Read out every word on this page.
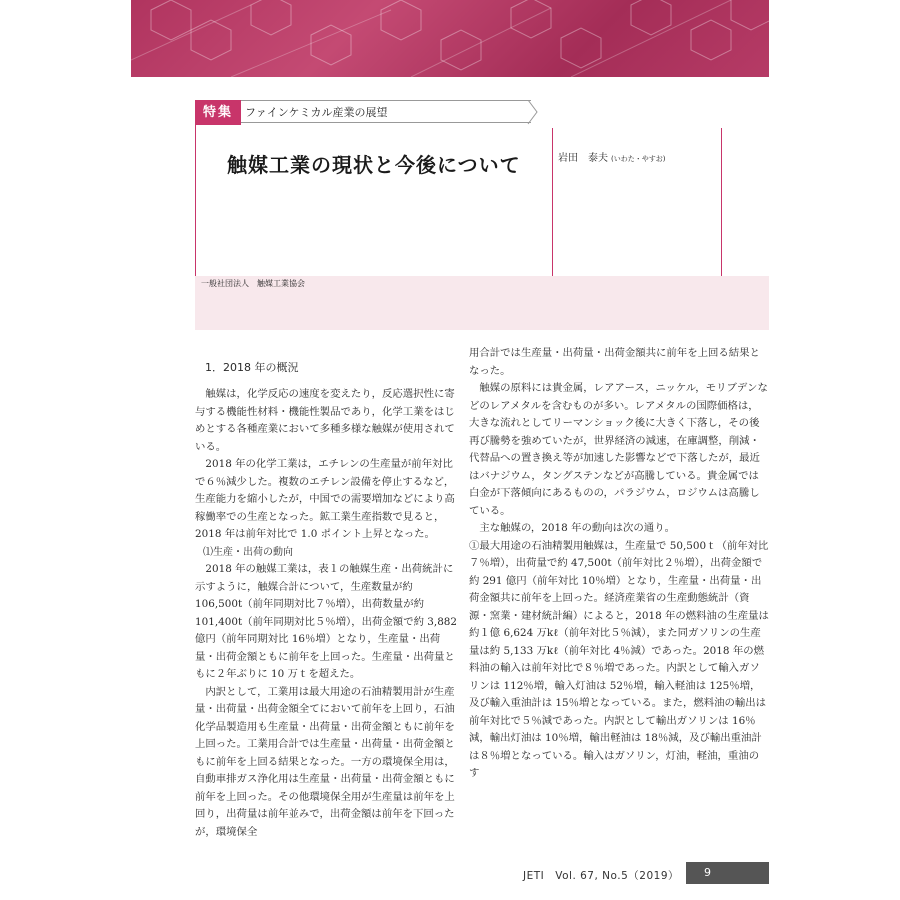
特集	ファインケミカル産業の展望
触媒工業の現状と今後について	岩田　泰夫 (いわた・やすお)
一般社団法人　触媒工業協会

1．2018 年の概況

　触媒は，化学反応の速度を変えたり，反応選択性に寄与する機能性材料・機能性製品であり，化学工業をはじめとする各種産業において多種多様な触媒が使用されている。

　2018 年の化学工業は，エチレンの生産量が前年対比で６％減少した。複数のエチレン設備を停止するなど，生産能力を縮小したが，中国での需要増加などにより高稼働率での生産となった。鉱工業生産指数で見ると，2018 年は前年対比で 1.0 ポイント上昇となった。

⑴生産・出荷の動向

　2018 年の触媒工業は，表１の触媒生産・出荷統計に示すように，触媒合計について，生産数量が約 106,500t（前年同期対比７％増），出荷数量が約 101,400t（前年同期対比５％増），出荷金額で約 3,882 億円（前年同期対比 16％増）となり，生産量・出荷量・出荷金額ともに前年を上回った。生産量・出荷量ともに２年ぶりに 10 万ｔを超えた。

　内訳として，工業用は最大用途の石油精製用計が生産量・出荷量・出荷金額全てにおいて前年を上回り，石油化学品製造用も生産量・出荷量・出荷金額ともに前年を上回った。工業用合計では生産量・出荷量・出荷金額ともに前年を上回る結果となった。一方の環境保全用は，自動車排ガス浄化用は生産量・出荷量・出荷金額ともに前年を上回った。その他環境保全用が生産量は前年を上回り，出荷量は前年並みで，出荷金額は前年を下回ったが，環境保全

用合計では生産量・出荷量・出荷金額共に前年を上回る結果となった。

　触媒の原料には貴金属，レアアース，ニッケル，モリブデンなどのレアメタルを含むものが多い。レアメタルの国際価格は，大きな流れとしてリーマンショック後に大きく下落し，その後再び騰勢を強めていたが，世界経済の減速，在庫調整，削減・代替品への置き換え等が加速した影響などで下落したが，最近はバナジウム，タングステンなどが高騰している。貴金属では白金が下落傾向にあるものの，パラジウム，ロジウムは高騰している。

　主な触媒の，2018 年の動向は次の通り。

①最大用途の石油精製用触媒は，生産量で 50,500ｔ（前年対比７％増），出荷量で約 47,500t（前年対比２％増），出荷金額で約 291 億円（前年対比 10％増）となり，生産量・出荷量・出荷金額共に前年を上回った。経済産業省の生産動態統計（資源・窯業・建材統計編）によると，2018 年の燃料油の生産量は約１億 6,624 万kℓ（前年対比５％減），また同ガソリンの生産量は約 5,133 万kℓ（前年対比 4％減）であった。2018 年の燃料油の輸入は前年対比で８％増であった。内訳として輸入ガソリンは 112％増，輸入灯油は 52％増，輸入軽油は 125％増，及び輸入重油計は 15％増となっている。また，燃料油の輸出は前年対比で５％減であった。内訳として輸出ガソリンは 16％減，輸出灯油は 10％増，輸出軽油は 18％減，及び輸出重油計は８％増となっている。輸入はガソリン，灯油，軽油，重油のす

JETI　Vol. 67, No.5（2019）	9
